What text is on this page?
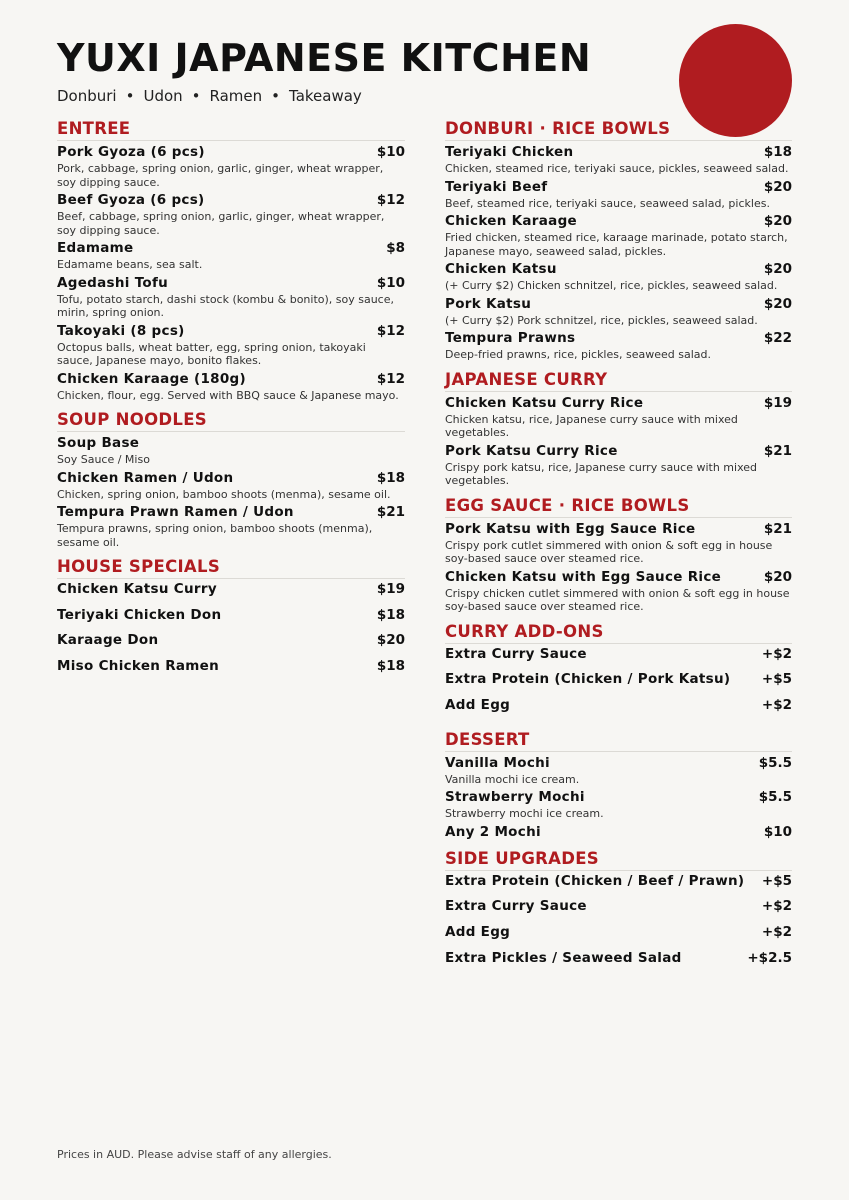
YUXI JAPANESE KITCHEN
Donburi • Udon • Ramen • Takeaway
ENTREE
Pork Gyoza (6 pcs)	$10
Pork, cabbage, spring onion, garlic, ginger, wheat wrapper, soy dipping sauce.
Beef Gyoza (6 pcs)	$12
Beef, cabbage, spring onion, garlic, ginger, wheat wrapper, soy dipping sauce.
Edamame	$8
Edamame beans, sea salt.
Agedashi Tofu	$10
Tofu, potato starch, dashi stock (kombu & bonito), soy sauce, mirin, spring onion.
Takoyaki (8 pcs)	$12
Octopus balls, wheat batter, egg, spring onion, takoyaki sauce, Japanese mayo, bonito flakes.
Chicken Karaage (180g)	$12
Chicken, flour, egg. Served with BBQ sauce & Japanese mayo.
SOUP NOODLES
Soup Base
Soy Sauce / Miso
Chicken Ramen / Udon	$18
Chicken, spring onion, bamboo shoots (menma), sesame oil.
Tempura Prawn Ramen / Udon	$21
Tempura prawns, spring onion, bamboo shoots (menma), sesame oil.
HOUSE SPECIALS
Chicken Katsu Curry	$19
Teriyaki Chicken Don	$18
Karaage Don	$20
Miso Chicken Ramen	$18
DONBURI · RICE BOWLS
Teriyaki Chicken	$18
Chicken, steamed rice, teriyaki sauce, pickles, seaweed salad.
Teriyaki Beef	$20
Beef, steamed rice, teriyaki sauce, seaweed salad, pickles.
Chicken Karaage	$20
Fried chicken, steamed rice, karaage marinade, potato starch, Japanese mayo, seaweed salad, pickles.
Chicken Katsu	$20
(+ Curry $2) Chicken schnitzel, rice, pickles, seaweed salad.
Pork Katsu	$20
(+ Curry $2) Pork schnitzel, rice, pickles, seaweed salad.
Tempura Prawns	$22
Deep-fried prawns, rice, pickles, seaweed salad.
JAPANESE CURRY
Chicken Katsu Curry Rice	$19
Chicken katsu, rice, Japanese curry sauce with mixed vegetables.
Pork Katsu Curry Rice	$21
Crispy pork katsu, rice, Japanese curry sauce with mixed vegetables.
EGG SAUCE · RICE BOWLS
Pork Katsu with Egg Sauce Rice	$21
Crispy pork cutlet simmered with onion & soft egg in house soy-based sauce over steamed rice.
Chicken Katsu with Egg Sauce Rice	$20
Crispy chicken cutlet simmered with onion & soft egg in house soy-based sauce over steamed rice.
CURRY ADD-ONS
Extra Curry Sauce	+$2
Extra Protein (Chicken / Pork Katsu)	+$5
Add Egg	+$2
DESSERT
Vanilla Mochi	$5.5
Vanilla mochi ice cream.
Strawberry Mochi	$5.5
Strawberry mochi ice cream.
Any 2 Mochi	$10
SIDE UPGRADES
Extra Protein (Chicken / Beef / Prawn)	+$5
Extra Curry Sauce	+$2
Add Egg	+$2
Extra Pickles / Seaweed Salad	+$2.5
Prices in AUD. Please advise staff of any allergies.
